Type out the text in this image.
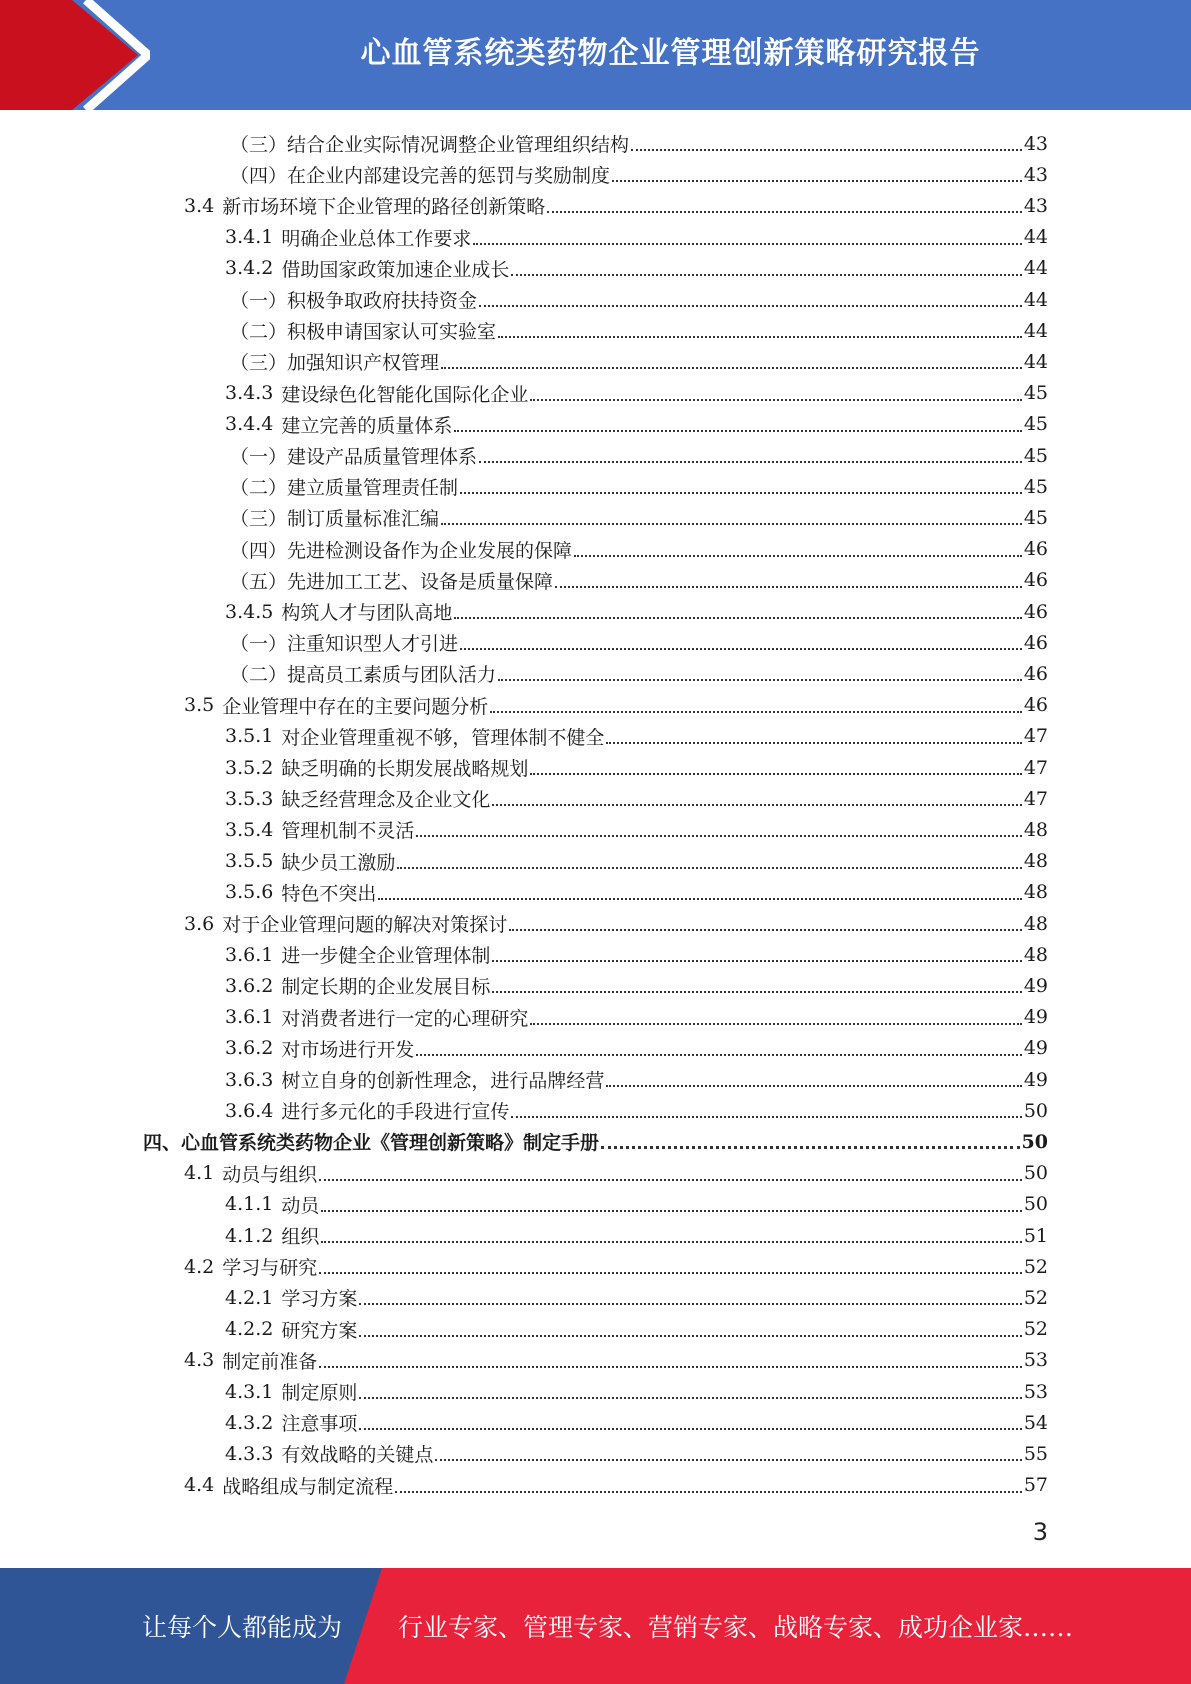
心血管系统类药物企业管理创新策略研究报告
（三）结合企业实际情况调整企业管理组织结构	43
（四）在企业内部建设完善的惩罚与奖励制度	43
3.4 新市场环境下企业管理的路径创新策略	43
3.4.1 明确企业总体工作要求	44
3.4.2 借助国家政策加速企业成长	44
（一）积极争取政府扶持资金	44
（二）积极申请国家认可实验室	44
（三）加强知识产权管理	44
3.4.3 建设绿色化智能化国际化企业	45
3.4.4 建立完善的质量体系	45
（一）建设产品质量管理体系	45
（二）建立质量管理责任制	45
（三）制订质量标准汇编	45
（四）先进检测设备作为企业发展的保障	46
（五）先进加工工艺、设备是质量保障	46
3.4.5 构筑人才与团队高地	46
（一）注重知识型人才引进	46
（二）提高员工素质与团队活力	46
3.5 企业管理中存在的主要问题分析	46
3.5.1 对企业管理重视不够，管理体制不健全	47
3.5.2 缺乏明确的长期发展战略规划	47
3.5.3 缺乏经营理念及企业文化	47
3.5.4 管理机制不灵活	48
3.5.5 缺少员工激励	48
3.5.6 特色不突出	48
3.6 对于企业管理问题的解决对策探讨	48
3.6.1 进一步健全企业管理体制	48
3.6.2 制定长期的企业发展目标	49
3.6.1 对消费者进行一定的心理研究	49
3.6.2 对市场进行开发	49
3.6.3 树立自身的创新性理念，进行品牌经营	49
3.6.4 进行多元化的手段进行宣传	50
四、心血管系统类药物企业《管理创新策略》制定手册	50
4.1 动员与组织	50
4.1.1 动员	50
4.1.2 组织	51
4.2 学习与研究	52
4.2.1 学习方案	52
4.2.2 研究方案	52
4.3 制定前准备	53
4.3.1 制定原则	53
4.3.2 注意事项	54
4.3.3 有效战略的关键点	55
4.4 战略组成与制定流程	57
3
让每个人都能成为 行业专家、管理专家、营销专家、战略专家、成功企业家……
